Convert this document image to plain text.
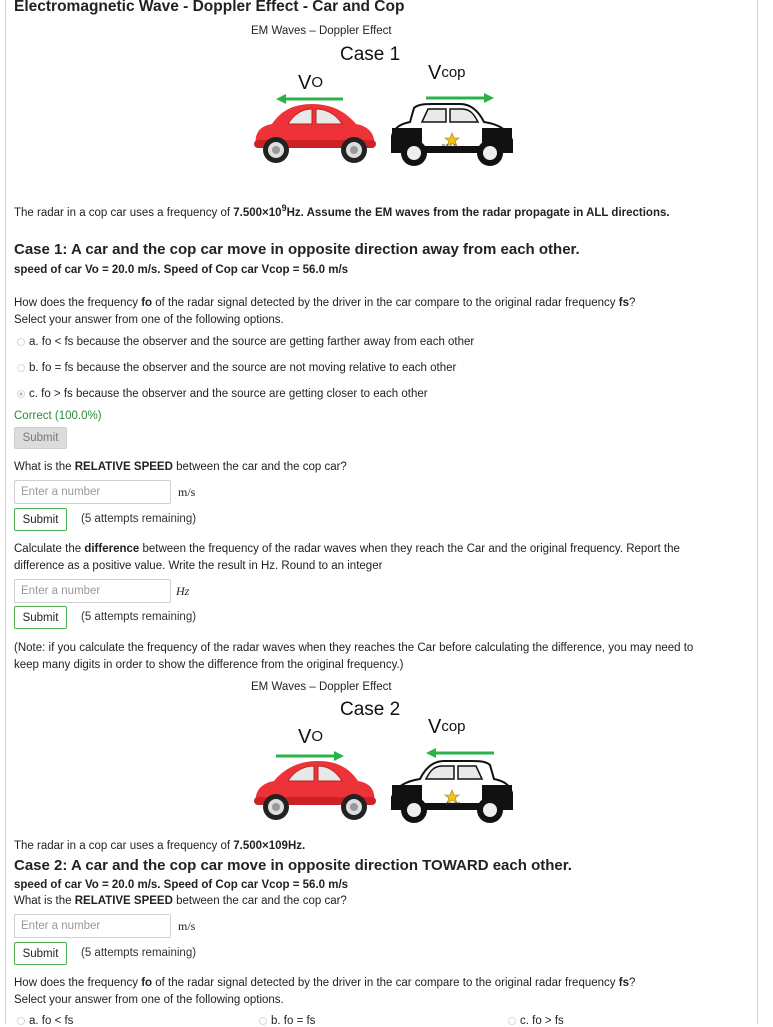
Electromagnetic Wave - Doppler Effect - Car and Cop
EM Waves – Doppler Effect
Case 1
$V_O$	$V_{cop}$
POLICE
The radar in a cop car uses a frequency of $7.500\times 10^9Hz$. Assume the EM waves from the radar propagate in ALL directions.
Case 1: A car and the cop car move in opposite direction away from each other.
speed of car Vo = 20.0 m/s. Speed of Cop car Vcop = 56.0 m/s
How does the frequency fo of the radar signal detected by the driver in the car compare to the original radar frequency fs?
Select your answer from one of the following options.
a. fo < fs because the observer and the source are getting farther away from each other
b. fo = fs because the observer and the source are not moving relative to each other
c. fo > fs because the observer and the source are getting closer to each other
Correct (100.0%)
Submit
What is the RELATIVE SPEED between the car and the cop car?
Enter a number
m/s
Submit	(5 attempts remaining)
Calculate the difference between the frequency of the radar waves when they reach the Car and the original frequency. Report the
difference as a positive value. Write the result in Hz. Round to an integer
Enter a number
Hz
Submit	(5 attempts remaining)
(Note: if you calculate the frequency of the radar waves when they reaches the Car before calculating the difference, you may need to
keep many digits in order to show the difference from the original frequency.)
EM Waves – Doppler Effect
Case 2
$V_O$	$V_{cop}$
POLICE
The radar in a cop car uses a frequency of 7.500×109Hz.
Case 2: A car and the cop car move in opposite direction TOWARD each other.
speed of car Vo = 20.0 m/s. Speed of Cop car Vcop = 56.0 m/s
What is the RELATIVE SPEED between the car and the cop car?
Enter a number
m/s
Submit	(5 attempts remaining)
How does the frequency fo of the radar signal detected by the driver in the car compare to the original radar frequency fs?
Select your answer from one of the following options.
a. fo < fs	b. fo = fs	c. fo > fs
